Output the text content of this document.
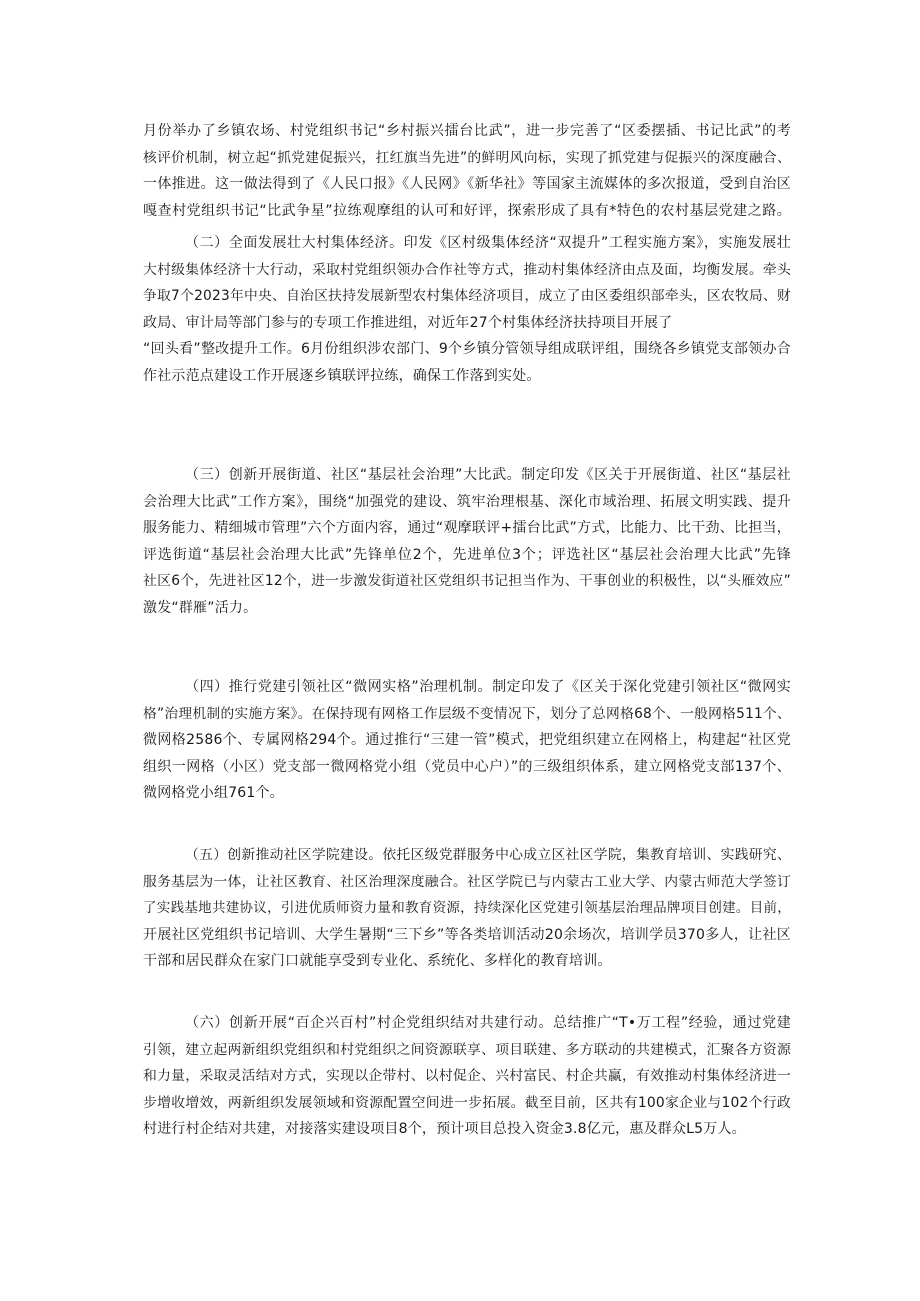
月份举办了乡镇农场、村党组织书记“乡村振兴擂台比武”，进一步完善了“区委摆插、书记比武”的考
核评价机制，树立起“抓党建促振兴，扛红旗当先进”的鲜明风向标，实现了抓党建与促振兴的深度融合、
一体推进。这一做法得到了《人民口报》《人民网》《新华社》等国家主流媒体的多次报道，受到自治区
嘎查村党组织书记“比武争星”拉练观摩组的认可和好评，探索形成了具有*特色的农村基层党建之路。
（二）全面发展壮大村集体经济。印发《区村级集体经济“双提升”工程实施方案》，实施发展壮
大村级集体经济十大行动，采取村党组织领办合作社等方式，推动村集体经济由点及面，均衡发展。牵头
争取7个2023年中央、自治区扶持发展新型农村集体经济项目，成立了由区委组织部牵头，区农牧局、财
政局、审计局等部门参与的专项工作推进组，对近年27个村集体经济扶持项目开展了
“回头看”整改提升工作。6月份组织涉农部门、9个乡镇分管领导组成联评组，围绕各乡镇党支部领办合
作社示范点建设工作开展逐乡镇联评拉练，确保工作落到实处。
（三）创新开展街道、社区“基层社会治理”大比武。制定印发《区关于开展街道、社区“基层社
会治理大比武”工作方案》，围绕“加强党的建设、筑牢治理根基、深化市域治理、拓展文明实践、提升
服务能力、精细城市管理”六个方面内容，通过“观摩联评+擂台比武”方式，比能力、比干劲、比担当，
评选街道“基层社会治理大比武”先锋单位2个，先进单位3个；评选社区“基层社会治理大比武”先锋
社区6个，先进社区12个，进一步激发街道社区党组织书记担当作为、干事创业的积极性，以“头雁效应”
激发“群雁”活力。
（四）推行党建引领社区“微网实格”治理机制。制定印发了《区关于深化党建引领社区“微网实
格”治理机制的实施方案》。在保持现有网格工作层级不变情况下，划分了总网格68个、一般网格511个、
微网格2586个、专属网格294个。通过推行“三建一管”模式，把党组织建立在网格上，构建起“社区党
组织一网格（小区）党支部一微网格党小组（党员中心户）”的三级组织体系，建立网格党支部137个、
微网格党小组761个。
（五）创新推动社区学院建设。依托区级党群服务中心成立区社区学院，集教育培训、实践研究、
服务基层为一体，让社区教育、社区治理深度融合。社区学院已与内蒙古工业大学、内蒙古师范大学签订
了实践基地共建协议，引进优质师资力量和教育资源，持续深化区党建引领基层治理品牌项目创建。目前，
开展社区党组织书记培训、大学生暑期“三下乡”等各类培训活动20余场次，培训学员370多人，让社区
干部和居民群众在家门口就能享受到专业化、系统化、多样化的教育培训。
（六）创新开展“百企兴百村”村企党组织结对共建行动。总结推广“T•万工程”经验，通过党建
引领，建立起两新组织党组织和村党组织之间资源联享、项目联建、多方联动的共建模式，汇聚各方资源
和力量，采取灵活结对方式，实现以企带村、以村促企、兴村富民、村企共赢，有效推动村集体经济进一
步增收增效，两新组织发展领域和资源配置空间进一步拓展。截至目前，区共有100家企业与102个行政
村进行村企结对共建，对接落实建设项目8个，预计项目总投入资金3.8亿元，惠及群众L5万人。
